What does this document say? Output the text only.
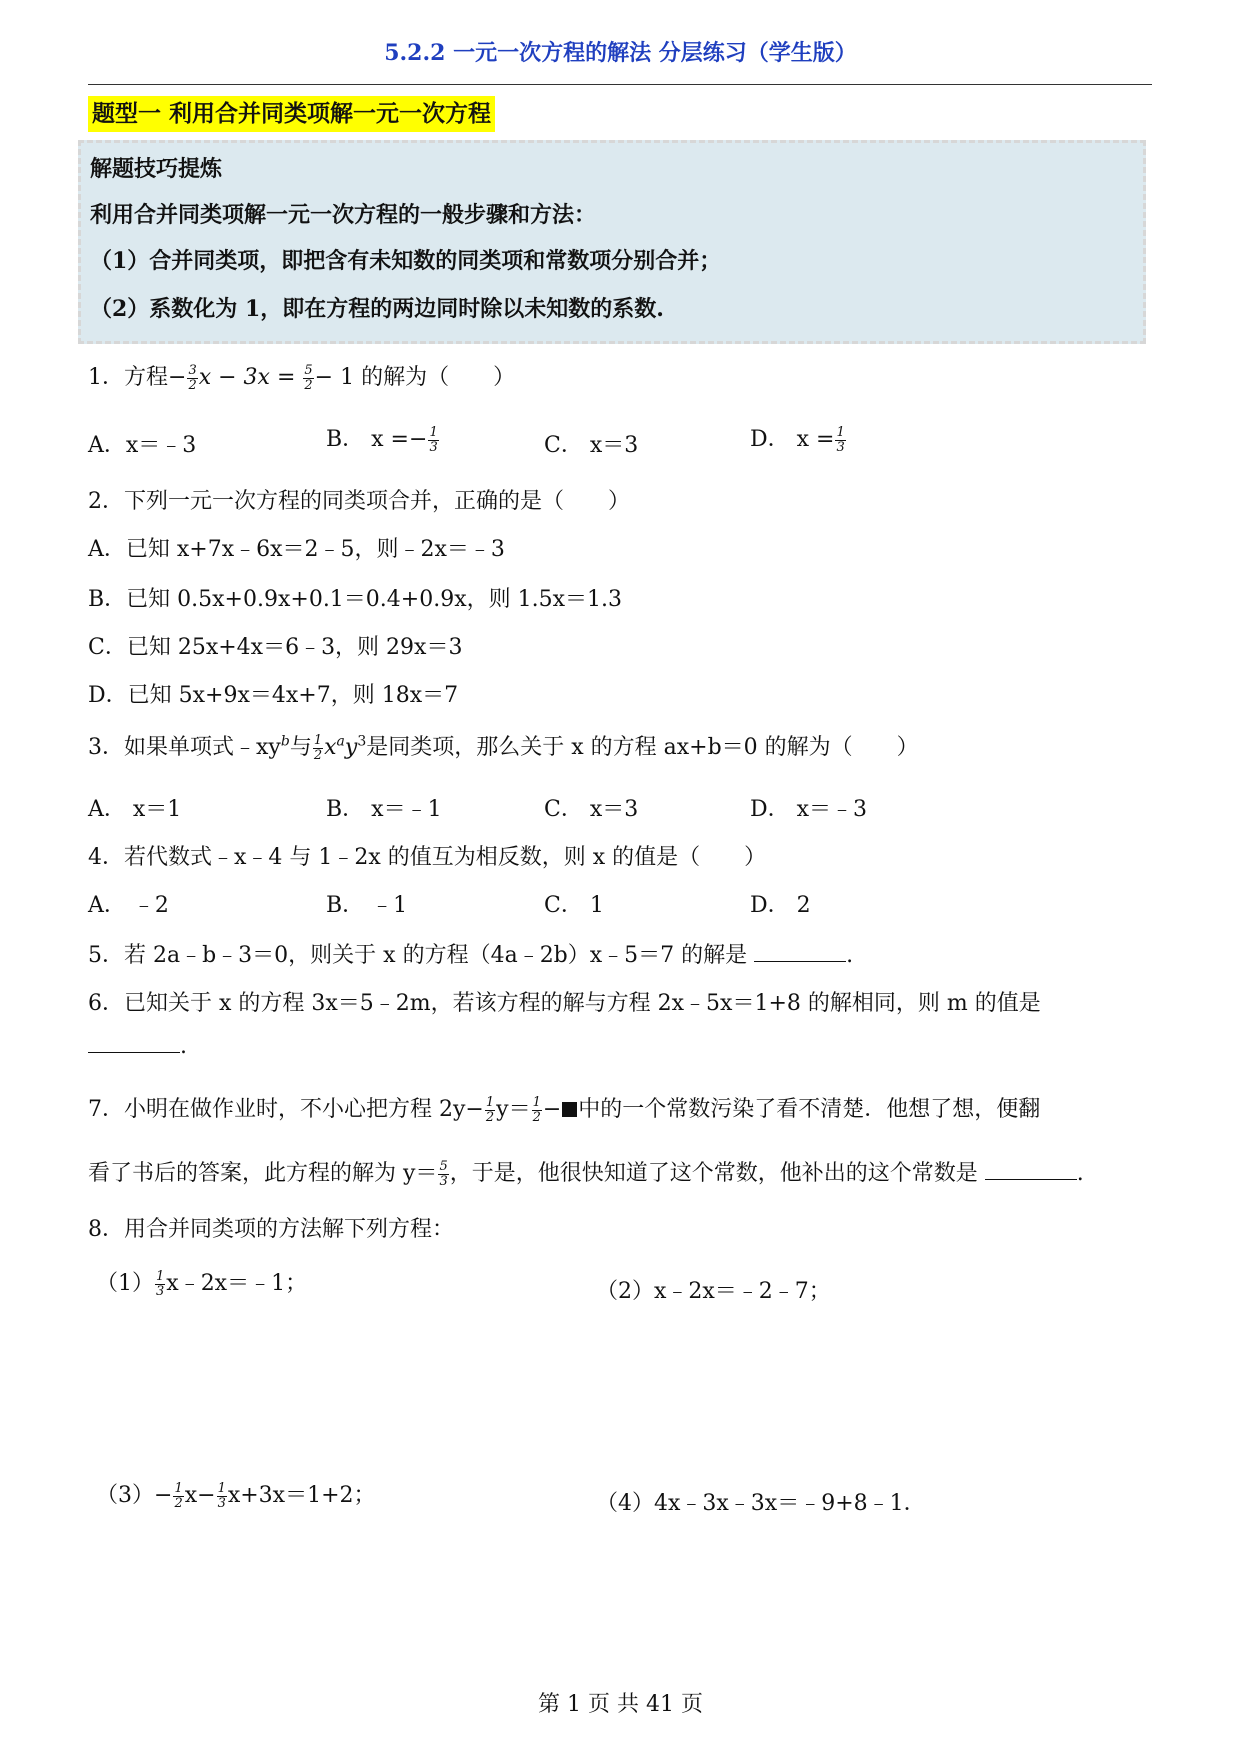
5.2.2 一元一次方程的解法 分层练习（学生版）
题型一 利用合并同类项解一元一次方程
解题技巧提炼
利用合并同类项解一元一次方程的一般步骤和方法：
（1）合并同类项，即把含有未知数的同类项和常数项分别合并；
（2）系数化为 1，即在方程的两边同时除以未知数的系数.
1．方程− $\frac{3}{2}$ $x - 3x = \frac{5}{2} - 1$ 的解为（　　）
A．x＝﹣3	B． $x =- \frac{1}{3}$	C． x＝3	D． $x = \frac{1}{3}$
2．下列一元一次方程的同类项合并，正确的是（　　）
A．已知 x+7x﹣6x＝2﹣5，则﹣2x＝﹣3
B．已知 0.5x+0.9x+0.1＝0.4+0.9x，则 1.5x＝1.3
C．已知 25x+4x＝6﹣3，则 29x＝3
D．已知 5x+9x＝4x+7，则 18x＝7
3．如果单项式$﹣xy^b$与 $\frac{1}{2} x^ay^3$是同类项，那么关于 x 的方程 ax+b＝0 的解为（　　）
A． x＝1	B． x＝﹣1	C． x＝3	D． x＝﹣3
4．若代数式﹣x﹣4 与 1﹣2x 的值互为相反数，则 x 的值是（　　）
A． ﹣2	B． ﹣1	C． 1	D． 2
5．若 2a﹣b﹣3＝0，则关于 x 的方程（4a﹣2b）x﹣5＝7 的解是	.
6．已知关于 x 的方程 3x＝5﹣2m，若该方程的解与方程 2x﹣5x＝1+8 的解相同，则 m 的值是
.
7．小明在做作业时，不小心把方程 $2y- \frac{1}{2} y= \frac{1}{2}$ − 中的一个常数污染了看不清楚．他想了想，便翻
看了书后的答案，此方程的解为 $y= \frac{5}{3}$ ，于是，他很快知道了这个常数，他补出的这个常数是	.
8．用合并同类项的方法解下列方程：
$(1) \frac{1}{3}$ x﹣2x＝﹣1；	（2）x﹣2x＝﹣2﹣7；
$(3)- \frac{1}{2} x- \frac{1}{3} x+3x=1+2$；	（4）4x﹣3x﹣3x＝﹣9+8﹣1．
第 1 页 共 41 页
